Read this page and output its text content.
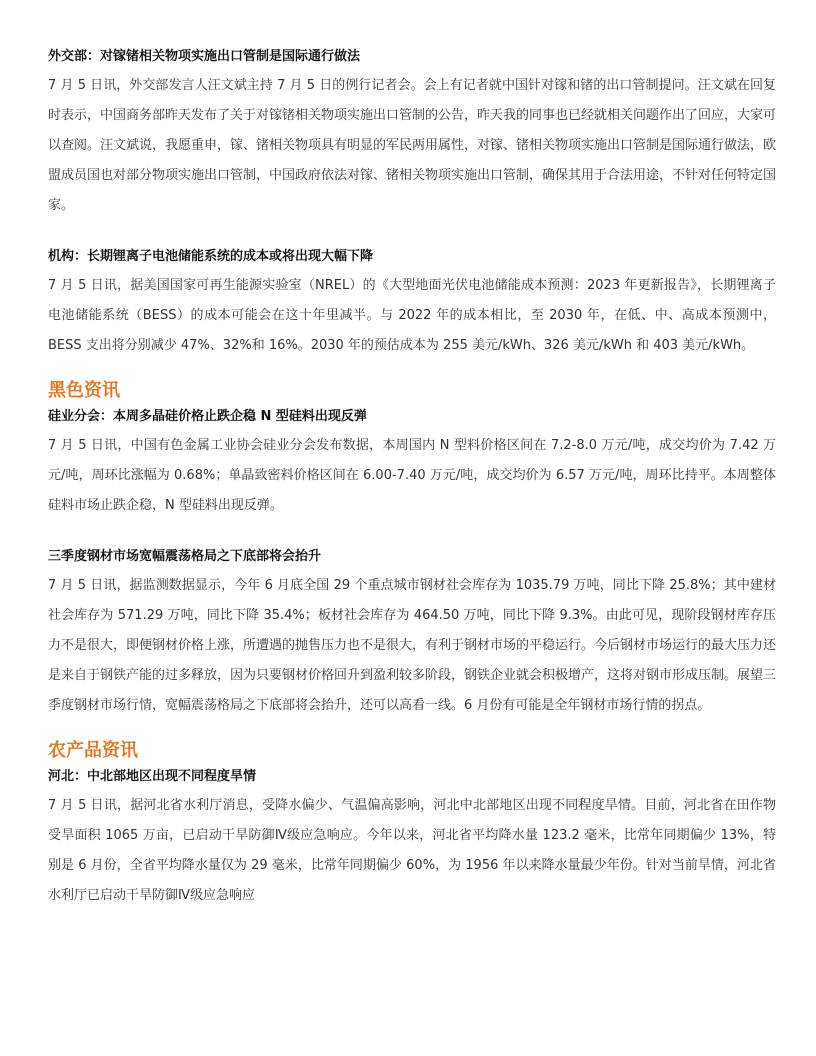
外交部：对镓锗相关物项实施出口管制是国际通行做法

7 月 5 日讯，外交部发言人汪文斌主持 7 月 5 日的例行记者会。会上有记者就中国针对镓和锗的出口管制提问。汪文斌在回复时表示，中国商务部昨天发布了关于对镓锗相关物项实施出口管制的公告，昨天我的同事也已经就相关问题作出了回应，大家可以查阅。汪文斌说，我愿重申，镓、锗相关物项具有明显的军民两用属性，对镓、锗相关物项实施出口管制是国际通行做法，欧盟成员国也对部分物项实施出口管制，中国政府依法对镓、锗相关物项实施出口管制，确保其用于合法用途，不针对任何特定国家。

机构：长期锂离子电池储能系统的成本或将出现大幅下降

7 月 5 日讯，据美国国家可再生能源实验室（NREL）的《大型地面光伏电池储能成本预测：2023 年更新报告》，长期锂离子电池储能系统（BESS）的成本可能会在这十年里减半。与 2022 年的成本相比，至 2030 年，在低、中、高成本预测中，BESS 支出将分别减少 47%、32%和 16%。2030 年的预估成本为 255 美元/kWh、326 美元/kWh 和 403 美元/kWh。

黑色资讯
硅业分会：本周多晶硅价格止跌企稳 N 型硅料出现反弹

7 月 5 日讯，中国有色金属工业协会硅业分会发布数据，本周国内 N 型料价格区间在 7.2-8.0 万元/吨，成交均价为 7.42 万元/吨，周环比涨幅为 0.68%；单晶致密料价格区间在 6.00-7.40 万元/吨，成交均价为 6.57 万元/吨，周环比持平。本周整体硅料市场止跌企稳，N 型硅料出现反弹。

三季度钢材市场宽幅震荡格局之下底部将会抬升

7 月 5 日讯，据监测数据显示，今年 6 月底全国 29 个重点城市钢材社会库存为 1035.79 万吨，同比下降 25.8%；其中建材社会库存为 571.29 万吨，同比下降 35.4%；板材社会库存为 464.50 万吨，同比下降 9.3%。由此可见，现阶段钢材库存压力不是很大，即便钢材价格上涨，所遭遇的抛售压力也不是很大，有利于钢材市场的平稳运行。今后钢材市场运行的最大压力还是来自于钢铁产能的过多释放，因为只要钢材价格回升到盈利较多阶段，钢铁企业就会积极增产，这将对钢市形成压制。展望三季度钢材市场行情，宽幅震荡格局之下底部将会抬升，还可以高看一线。6 月份有可能是全年钢材市场行情的拐点。

农产品资讯
河北：中北部地区出现不同程度旱情

7 月 5 日讯，据河北省水利厅消息，受降水偏少、气温偏高影响，河北中北部地区出现不同程度旱情。目前，河北省在田作物受旱面积 1065 万亩，已启动干旱防御Ⅳ级应急响应。今年以来，河北省平均降水量 123.2 毫米，比常年同期偏少 13%，特别是 6 月份，全省平均降水量仅为 29 毫米，比常年同期偏少 60%，为 1956 年以来降水量最少年份。针对当前旱情，河北省水利厅已启动干旱防御Ⅳ级应急响应
